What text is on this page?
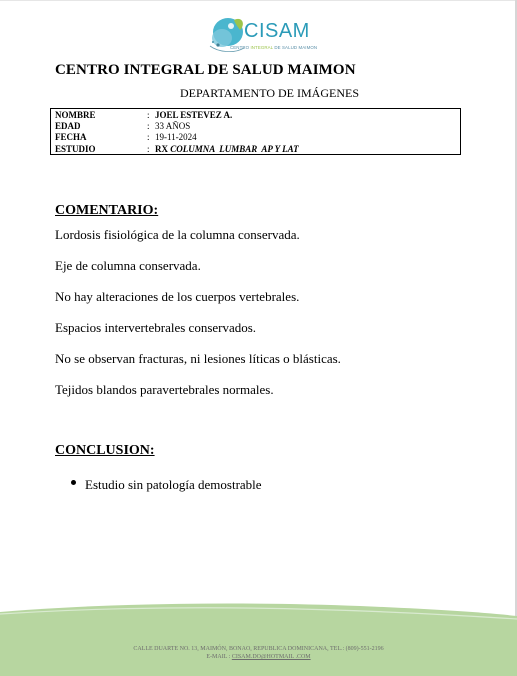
CISAM
CENTRO INTEGRAL DE SALUD MAIMON
CENTRO INTEGRAL DE SALUD MAIMON
DEPARTAMENTO DE IMÁGENES
NOMBRE	: JOEL ESTEVEZ A.
EDAD	: 33 AÑOS
FECHA	: 19-11-2024
ESTUDIO	: RX COLUMNA  LUMBAR  AP Y LAT
COMENTARIO:
Lordosis fisiológica de la columna conservada.
Eje de columna conservada.
No hay alteraciones de los cuerpos vertebrales.
Espacios intervertebrales conservados.
No se observan fracturas, ni lesiones líticas o blásticas.
Tejidos blandos paravertebrales normales.
CONCLUSION:
Estudio sin patología demostrable
CALLE DUARTE NO. 13, MAIMÓN, BONAO, REPUBLICA DOMINICANA, TEL.: (809)-551-2196
E-MAIL : CISAM.DO@HOTMAIL .COM
